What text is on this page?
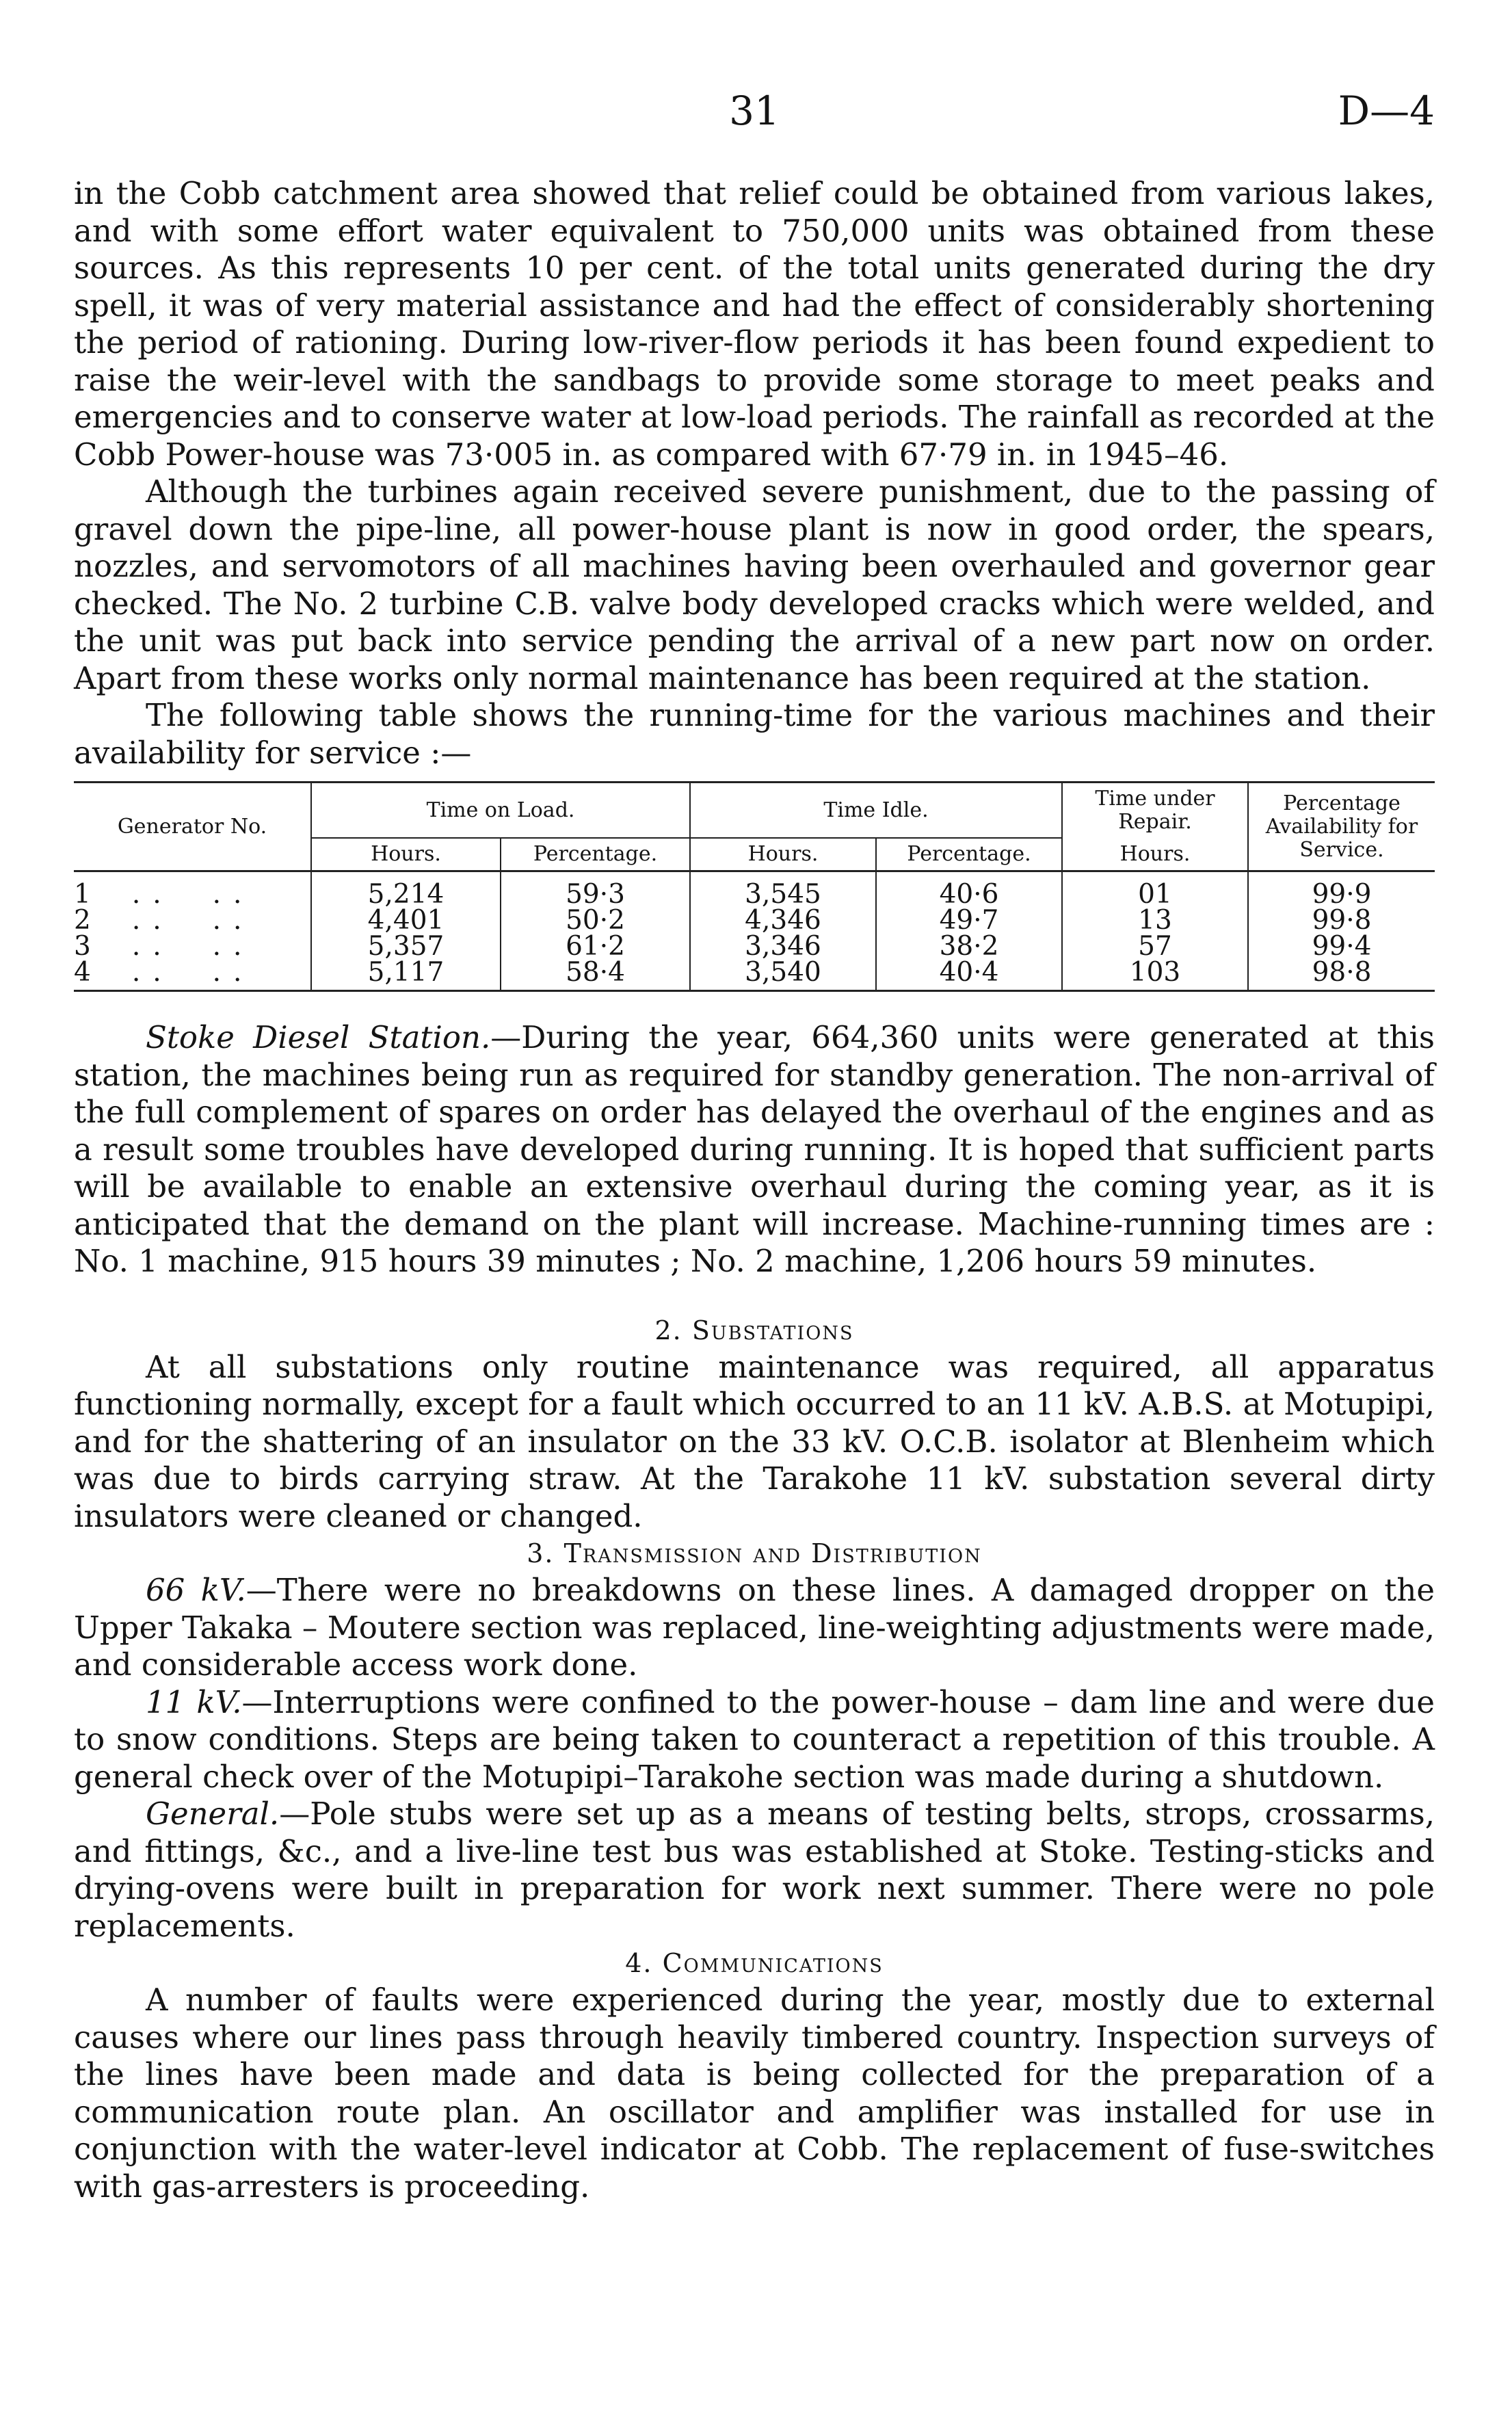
31	D—4

in the Cobb catchment area showed that relief could be obtained from various lakes, and with some effort water equivalent to 750,000 units was obtained from these sources. As this represents 10 per cent. of the total units generated during the dry spell, it was of very material assistance and had the effect of considerably shortening the period of rationing. During low-river-flow periods it has been found expedient to raise the weir-level with the sandbags to provide some storage to meet peaks and emergencies and to conserve water at low-load periods. The rainfall as recorded at the Cobb Power-house was 73·005 in. as compared with 67·79 in. in 1945–46.

Although the turbines again received severe punishment, due to the passing of gravel down the pipe-line, all power-house plant is now in good order, the spears, nozzles, and servomotors of all machines having been overhauled and governor gear checked. The No. 2 turbine C.B. valve body developed cracks which were welded, and the unit was put back into service pending the arrival of a new part now on order. Apart from these works only normal maintenance has been required at the station.

The following table shows the running-time for the various machines and their availability for service :—

Generator No.	Time on Load.		Time Idle.		Time under Repair.	Percentage Availability for Service.
	Hours.	Percentage.	Hours.	Percentage.	Hours.	
1 .. ..	5,214	59·3	3,545	40·6	01	99·9
2 .. ..	4,401	50·2	4,346	49·7	13	99·8
3 .. ..	5,357	61·2	3,346	38·2	57	99·4
4 .. ..	5,117	58·4	3,540	40·4	103	98·8

Stoke Diesel Station.—During the year, 664,360 units were generated at this station, the machines being run as required for standby generation. The non-arrival of the full complement of spares on order has delayed the overhaul of the engines and as a result some troubles have developed during running. It is hoped that sufficient parts will be available to enable an extensive overhaul during the coming year, as it is anticipated that the demand on the plant will increase. Machine-running times are : No. 1 machine, 915 hours 39 minutes ; No. 2 machine, 1,206 hours 59 minutes.

2. Substations

At all substations only routine maintenance was required, all apparatus functioning normally, except for a fault which occurred to an 11 kV. A.B.S. at Motupipi, and for the shattering of an insulator on the 33 kV. O.C.B. isolator at Blenheim which was due to birds carrying straw. At the Tarakohe 11 kV. substation several dirty insulators were cleaned or changed.

3. Transmission and Distribution

66 kV.—There were no breakdowns on these lines. A damaged dropper on the Upper Takaka – Moutere section was replaced, line-weighting adjustments were made, and considerable access work done.

11 kV.—Interruptions were confined to the power-house – dam line and were due to snow conditions. Steps are being taken to counteract a repetition of this trouble. A general check over of the Motupipi–Tarakohe section was made during a shutdown.

General.—Pole stubs were set up as a means of testing belts, strops, crossarms, and fittings, &c., and a live-line test bus was established at Stoke. Testing-sticks and drying-ovens were built in preparation for work next summer. There were no pole replacements.

4. Communications

A number of faults were experienced during the year, mostly due to external causes where our lines pass through heavily timbered country. Inspection surveys of the lines have been made and data is being collected for the preparation of a communication route plan. An oscillator and amplifier was installed for use in conjunction with the water-level indicator at Cobb. The replacement of fuse-switches with gas-arresters is proceeding.
